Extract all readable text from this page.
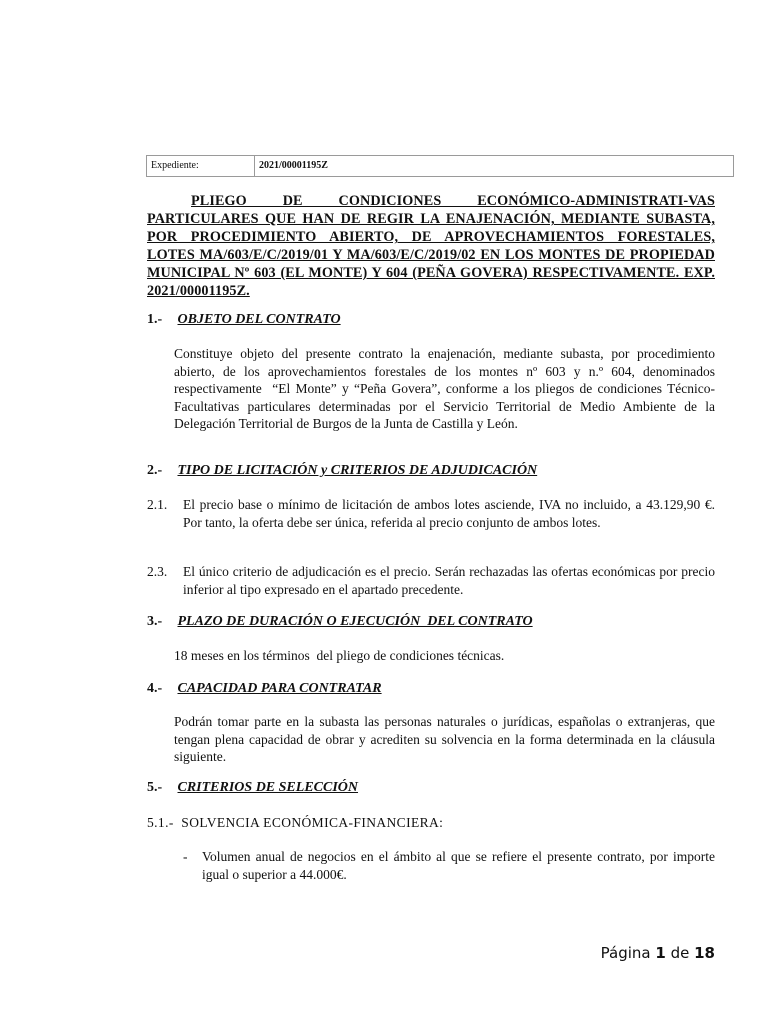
Expediente:	2021/00001195Z
PLIEGO DE CONDICIONES ECONÓMICO-ADMINISTRATI-VAS PARTICULARES QUE HAN DE REGIR LA ENAJENACIÓN, MEDIANTE SUBASTA, POR PROCEDIMIENTO ABIERTO, DE APROVECHAMIENTOS FORESTALES, LOTES MA/603/E/C/2019/01 Y MA/603/E/C/2019/02 EN LOS MONTES DE PROPIEDAD MUNICIPAL Nº 603 (EL MONTE) Y 604 (PEÑA GOVERA) RESPECTIVAMENTE. EXP. 2021/00001195Z.
1.- OBJETO DEL CONTRATO
Constituye objeto del presente contrato la enajenación, mediante subasta, por procedimiento abierto, de los aprovechamientos forestales de los montes nº 603 y n.º 604, denominados respectivamente  “El Monte” y “Peña Govera”, conforme a los pliegos de condiciones Técnico-Facultativas particulares determinadas por el Servicio Territorial de Medio Ambiente de la Delegación Territorial de Burgos de la Junta de Castilla y León.
2.- TIPO DE LICITACIÓN y CRITERIOS DE ADJUDICACIÓN
2.1.	El precio base o mínimo de licitación de ambos lotes asciende, IVA no incluido, a 43.129,90 €. Por tanto, la oferta debe ser única, referida al precio conjunto de ambos lotes.
2.3.	El único criterio de adjudicación es el precio. Serán rechazadas las ofertas económicas por precio inferior al tipo expresado en el apartado precedente.
3.- PLAZO DE DURACIÓN O EJECUCIÓN  DEL CONTRATO
18 meses en los términos  del pliego de condiciones técnicas.
4.- CAPACIDAD PARA CONTRATAR
Podrán tomar parte en la subasta las personas naturales o jurídicas, españolas o extranjeras, que tengan plena capacidad de obrar y acrediten su solvencia en la forma determinada en la cláusula siguiente.
5.- CRITERIOS DE SELECCIÓN
5.1.-  SOLVENCIA ECONÓMICA-FINANCIERA:
-	Volumen anual de negocios en el ámbito al que se refiere el presente contrato, por importe igual o superior a 44.000€.
Página 1 de 18
